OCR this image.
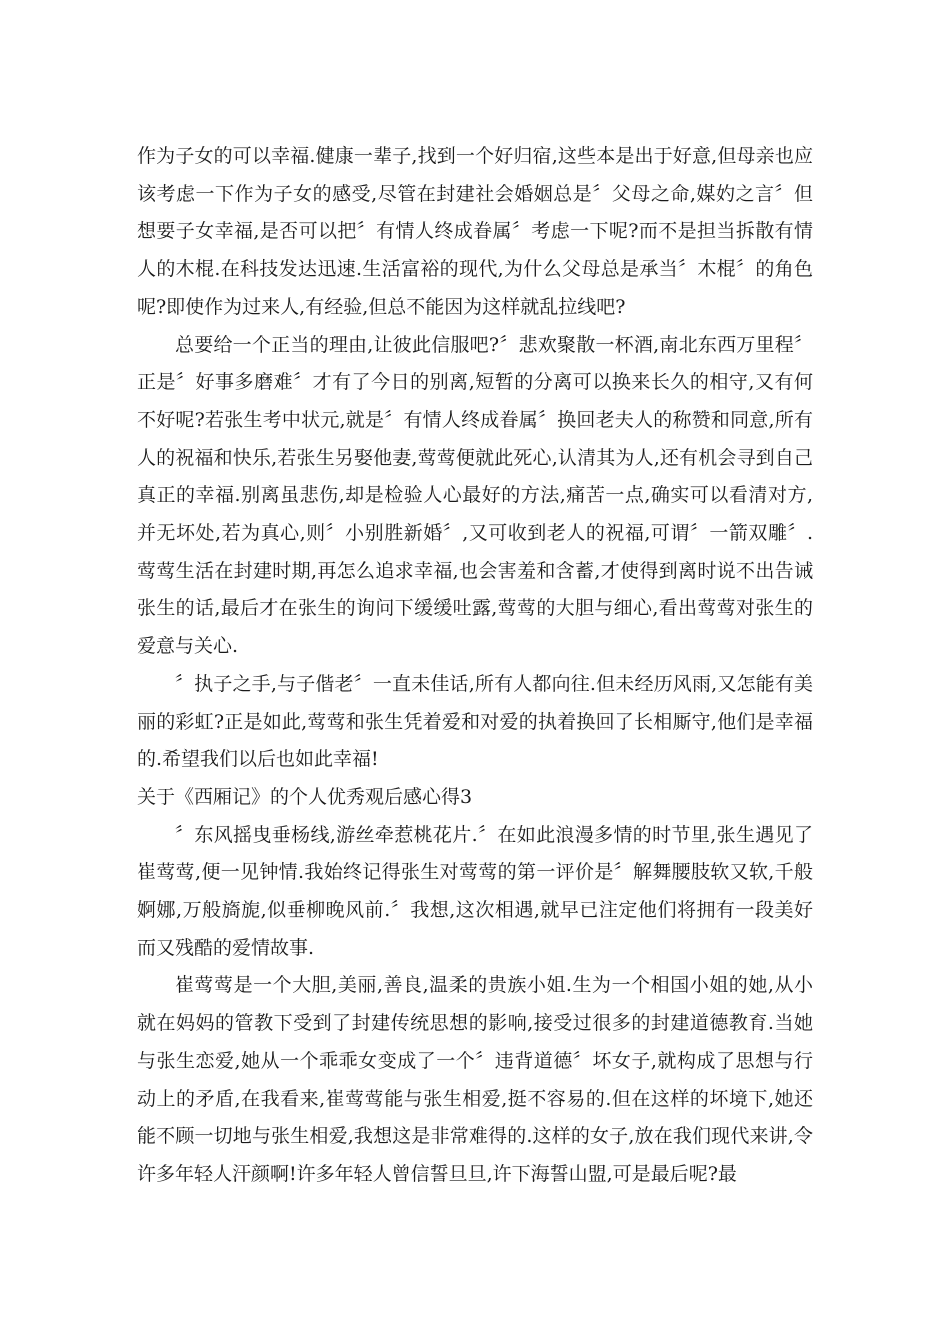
作为子女的可以幸福.健康一辈子,找到一个好归宿,这些本是出于好意,但母亲也应该考虑一下作为子女的感受,尽管在封建社会婚姻总是〞父母之命,媒妁之言〞但想要子女幸福,是否可以把〞有情人终成眷属〞考虑一下呢?而不是担当拆散有情人的木棍.在科技发达迅速.生活富裕的现代,为什么父母总是承当〞木棍〞的角色呢?即使作为过来人,有经验,但总不能因为这样就乱拉线吧?

总要给一个正当的理由,让彼此信服吧?〞悲欢聚散一杯酒,南北东西万里程〞正是〞好事多磨难〞才有了今日的别离,短暂的分离可以换来长久的相守,又有何不好呢?若张生考中状元,就是〞有情人终成眷属〞换回老夫人的称赞和同意,所有人的祝福和快乐,若张生另娶他妻,莺莺便就此死心,认清其为人,还有机会寻到自己真正的幸福.别离虽悲伤,却是检验人心最好的方法,痛苦一点,确实可以看清对方,并无坏处,若为真心,则〞小别胜新婚〞,又可收到老人的祝福,可谓〞一箭双雕〞.莺莺生活在封建时期,再怎么追求幸福,也会害羞和含蓄,才使得到离时说不出告诫张生的话,最后才在张生的询问下缓缓吐露,莺莺的大胆与细心,看出莺莺对张生的爱意与关心.

〞执子之手,与子偕老〞一直未佳话,所有人都向往.但未经历风雨,又怎能有美丽的彩虹?正是如此,莺莺和张生凭着爱和对爱的执着换回了长相厮守,他们是幸福的.希望我们以后也如此幸福!

关于《西厢记》的个人优秀观后感心得3

〞东风摇曳垂杨线,游丝牵惹桃花片.〞在如此浪漫多情的时节里,张生遇见了崔莺莺,便一见钟情.我始终记得张生对莺莺的第一评价是〞解舞腰肢软又软,千般婀娜,万般旖旎,似垂柳晚风前.〞我想,这次相遇,就早已注定他们将拥有一段美好而又残酷的爱情故事.

崔莺莺是一个大胆,美丽,善良,温柔的贵族小姐.生为一个相国小姐的她,从小就在妈妈的管教下受到了封建传统思想的影响,接受过很多的封建道德教育.当她与张生恋爱,她从一个乖乖女变成了一个〞违背道德〞坏女子,就构成了思想与行动上的矛盾,在我看来,崔莺莺能与张生相爱,挺不容易的.但在这样的坏境下,她还能不顾一切地与张生相爱,我想这是非常难得的.这样的女子,放在我们现代来讲,令许多年轻人汗颜啊!许多年轻人曾信誓旦旦,许下海誓山盟,可是最后呢?最
